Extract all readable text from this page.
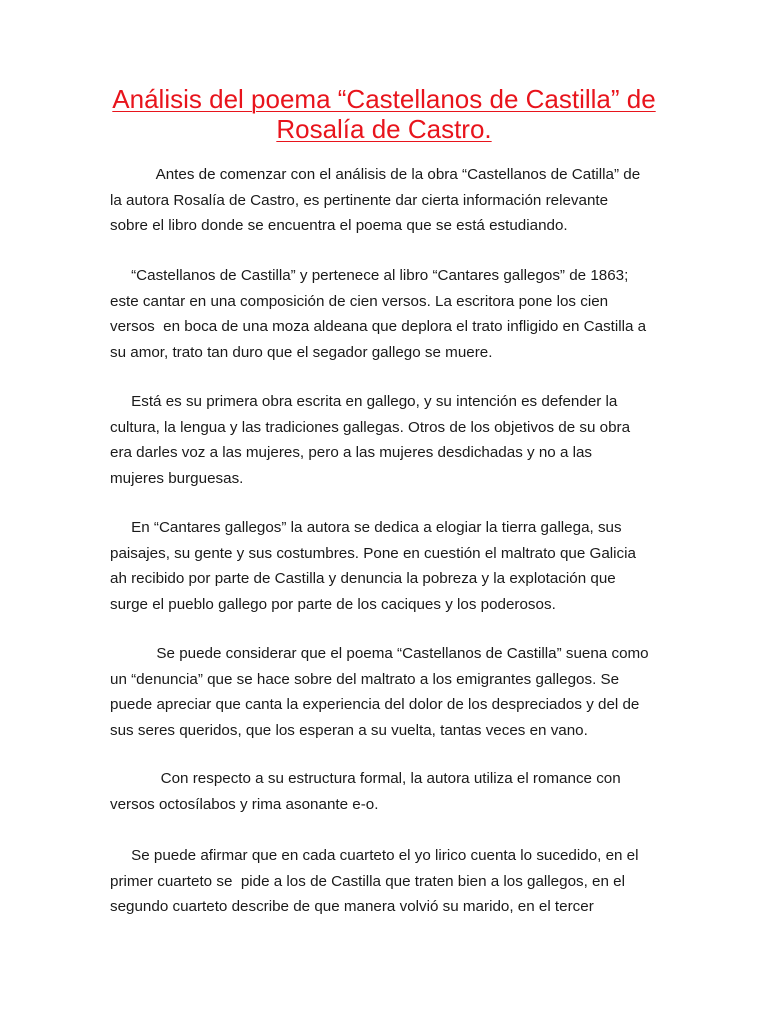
Análisis del poema “Castellanos de Castilla” de
Rosalía de Castro.

Antes de comenzar con el análisis de la obra “Castellanos de Catilla” de
la autora Rosalía de Castro, es pertinente dar cierta información relevante
sobre el libro donde se encuentra el poema que se está estudiando.

“Castellanos de Castilla” y pertenece al libro “Cantares gallegos” de 1863;
este cantar en una composición de cien versos. La escritora pone los cien
versos  en boca de una moza aldeana que deplora el trato infligido en Castilla a
su amor, trato tan duro que el segador gallego se muere.

Está es su primera obra escrita en gallego, y su intención es defender la
cultura, la lengua y las tradiciones gallegas. Otros de los objetivos de su obra
era darles voz a las mujeres, pero a las mujeres desdichadas y no a las
mujeres burguesas.

En “Cantares gallegos” la autora se dedica a elogiar la tierra gallega, sus
paisajes, su gente y sus costumbres. Pone en cuestión el maltrato que Galicia
ah recibido por parte de Castilla y denuncia la pobreza y la explotación que
surge el pueblo gallego por parte de los caciques y los poderosos.

Se puede considerar que el poema “Castellanos de Castilla” suena como
un “denuncia” que se hace sobre del maltrato a los emigrantes gallegos. Se
puede apreciar que canta la experiencia del dolor de los despreciados y del de
sus seres queridos, que los esperan a su vuelta, tantas veces en vano.

Con respecto a su estructura formal, la autora utiliza el romance con
versos octosílabos y rima asonante e-o.

Se puede afirmar que en cada cuarteto el yo lirico cuenta lo sucedido, en el
primer cuarteto se  pide a los de Castilla que traten bien a los gallegos, en el
segundo cuarteto describe de que manera volvió su marido, en el tercer
